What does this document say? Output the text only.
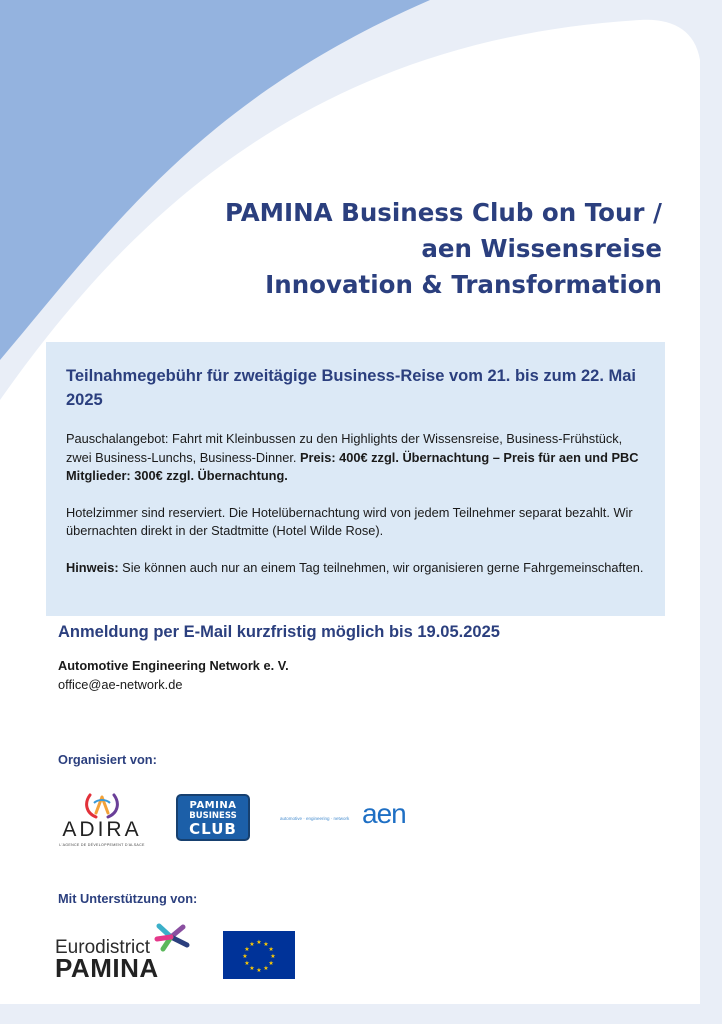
PAMINA Business Club on Tour /
aen Wissensreise
Innovation & Transformation
Teilnahmegebühr für zweitägige Business-Reise vom 21. bis zum 22. Mai 2025

Pauschalangebot: Fahrt mit Kleinbussen zu den Highlights der Wissensreise, Business-Frühstück, zwei Business-Lunchs, Business-Dinner. Preis: 400€ zzgl. Übernachtung – Preis für aen und PBC Mitglieder: 300€ zzgl. Übernachtung.

Hotelzimmer sind reserviert. Die Hotelübernachtung wird von jedem Teilnehmer separat bezahlt. Wir übernachten direkt in der Stadtmitte (Hotel Wilde Rose).

Hinweis: Sie können auch nur an einem Tag teilnehmen, wir organisieren gerne Fahrgemeinschaften.

Anmeldung per E-Mail kurzfristig möglich bis 19.05.2025
Automotive Engineering Network e. V.
office@ae-network.de
Organisiert von:
ADIRA
L'AGENCE DE DÉVELOPPEMENT D'ALSACE
PAMINA
BUSINESS
CLUB
automotive · engineering · network aen
Mit Unterstützung von:
Eurodistrict
PAMINA
★ ★
★
★
★
★
★
★
★
★
★
★
